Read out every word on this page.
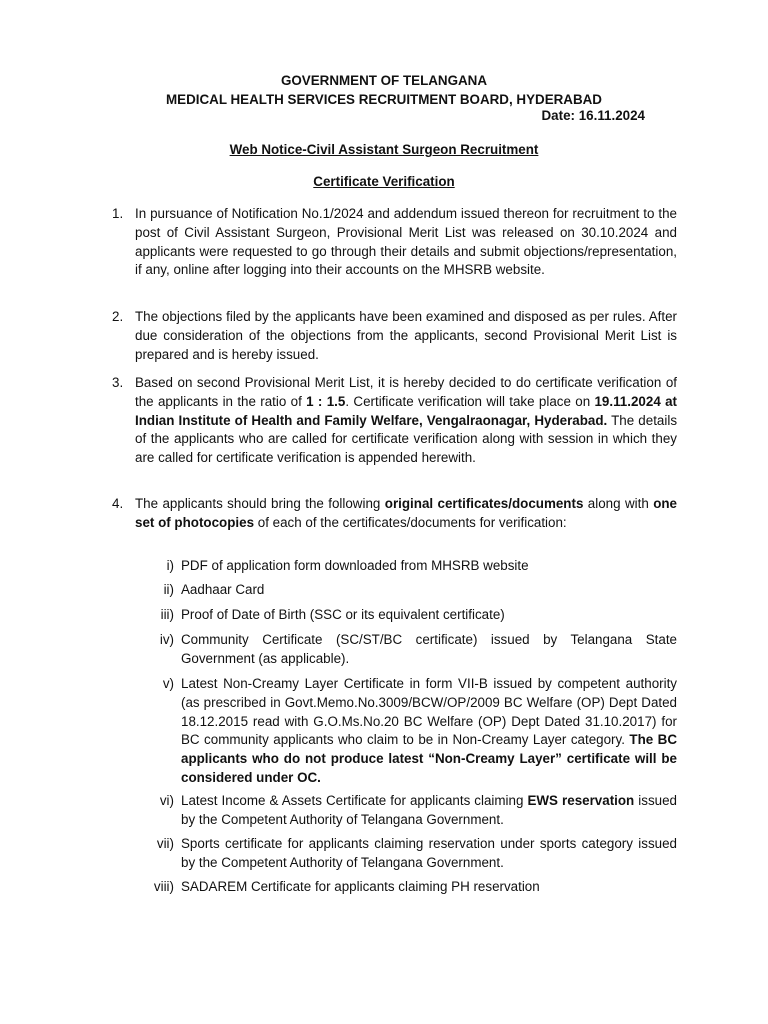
GOVERNMENT OF TELANGANA
MEDICAL HEALTH SERVICES RECRUITMENT BOARD, HYDERABAD
Date: 16.11.2024
Web Notice-Civil Assistant Surgeon Recruitment
Certificate Verification
1. In pursuance of Notification No.1/2024 and addendum issued thereon for recruitment to the post of Civil Assistant Surgeon, Provisional Merit List was released on 30.10.2024 and applicants were requested to go through their details and submit objections/representation, if any, online after logging into their accounts on the MHSRB website.
2. The objections filed by the applicants have been examined and disposed as per rules. After due consideration of the objections from the applicants, second Provisional Merit List is prepared and is hereby issued.
3. Based on second Provisional Merit List, it is hereby decided to do certificate verification of the applicants in the ratio of 1 : 1.5. Certificate verification will take place on 19.11.2024 at Indian Institute of Health and Family Welfare, Vengalraonagar, Hyderabad. The details of the applicants who are called for certificate verification along with session in which they are called for certificate verification is appended herewith.
4. The applicants should bring the following original certificates/documents along with one set of photocopies of each of the certificates/documents for verification:
i) PDF of application form downloaded from MHSRB website
ii) Aadhaar Card
iii) Proof of Date of Birth (SSC or its equivalent certificate)
iv) Community Certificate (SC/ST/BC certificate) issued by Telangana State Government (as applicable).
v) Latest Non-Creamy Layer Certificate in form VII-B issued by competent authority (as prescribed in Govt.Memo.No.3009/BCW/OP/2009 BC Welfare (OP) Dept Dated 18.12.2015 read with G.O.Ms.No.20 BC Welfare (OP) Dept Dated 31.10.2017) for BC community applicants who claim to be in Non-Creamy Layer category. The BC applicants who do not produce latest “Non-Creamy Layer” certificate will be considered under OC.
vi) Latest Income & Assets Certificate for applicants claiming EWS reservation issued by the Competent Authority of Telangana Government.
vii) Sports certificate for applicants claiming reservation under sports category issued by the Competent Authority of Telangana Government.
viii) SADAREM Certificate for applicants claiming PH reservation
